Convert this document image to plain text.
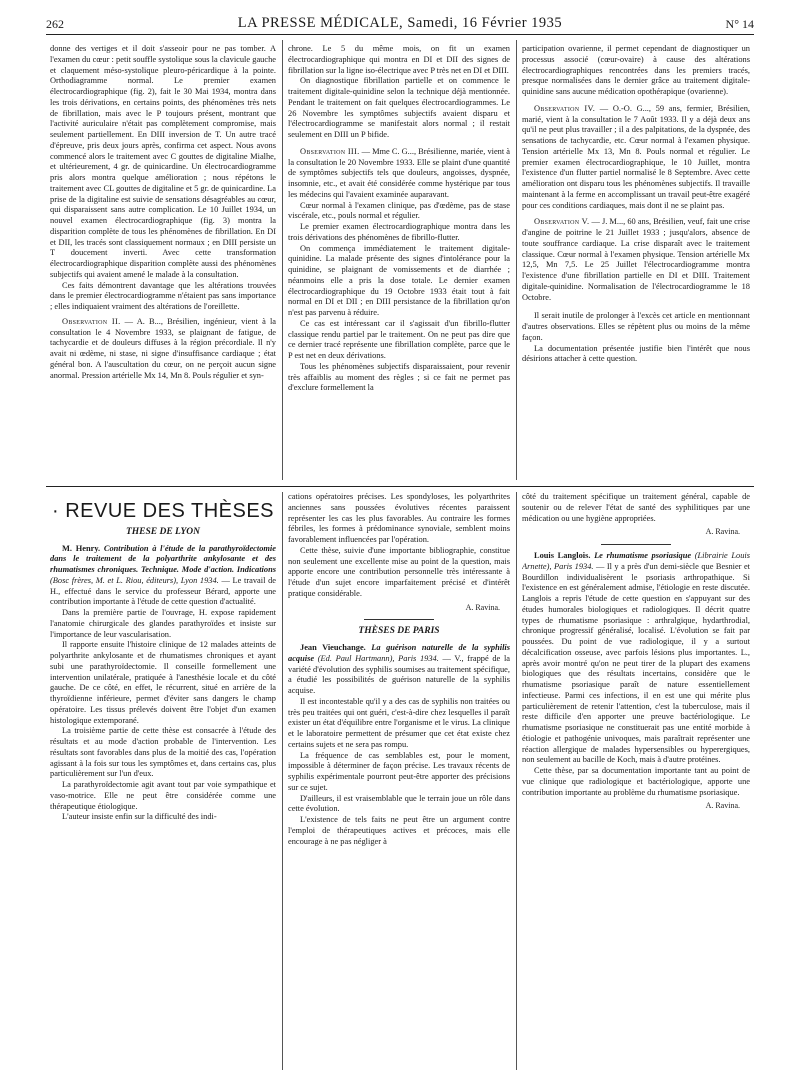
262	LA PRESSE MÉDICALE, Samedi, 16 Février 1935	N° 14

donne des vertiges et il doit s'asseoir pour ne pas tomber. A l'examen du cœur : petit souffle systolique sous la clavicule gauche et claquement méso-systolique pleuro-péricardique à la pointe. Orthodiagramme normal. Le premier examen électrocardiographique (fig. 2), fait le 30 Mai 1934, montra dans les trois dérivations, en certains points, des phénomènes très nets de fibrillation, mais avec le P toujours présent, montrant que l'activité auriculaire n'était pas complètement compromise, mais seulement partiellement. En DIII inversion de T. Un autre tracé d'épreuve, pris deux jours après, confirma cet aspect. Nous avons commencé alors le traitement avec C gouttes de digitaline Mialhe, et ultérieurement, 4 gr. de quinicardine. Un électrocardiogramme pris alors montra quelque amélioration ; nous répétons le traitement avec CL gouttes de digitaline et 5 gr. de quinicardine. La prise de la digitaline est suivie de sensations désagréables au cœur, qui disparaissent sans autre complication. Le 10 Juillet 1934, un nouvel examen électrocardiographique (fig. 3) montra la disparition complète de tous les phénomènes de fibrillation. En DI et DII, les tracés sont classiquement normaux ; en DIII persiste un T doucement inverti. Avec cette transformation électrocardiographique disparition complète aussi des phénomènes subjectifs qui avaient amené le malade à la consultation.

Ces faits démontrent davantage que les altérations trouvées dans le premier électrocardiogramme n'étaient pas sans importance ; elles indiquaient vraiment des altérations de l'oreillette.

Observation II. — A. B..., Brésilien, ingénieur, vient à la consultation le 4 Novembre 1933, se plaignant de fatigue, de tachycardie et de douleurs diffuses à la région précordiale. Il n'y avait ni œdème, ni stase, ni signe d'insuffisance cardiaque ; état général bon. A l'auscultation du cœur, on ne perçoit aucun signe anormal. Pression artérielle Mx 14, Mn 8. Pouls régulier et syn-

chrone. Le 5 du même mois, on fit un examen électrocardiographique qui montra en DI et DII des signes de fibrillation sur la ligne iso-électrique avec P très net en DI et DIII.

On diagnostique fibrillation partielle et on commence le traitement digitale-quinidine selon la technique déjà mentionnée. Pendant le traitement on fait quelques électrocardiogrammes. Le 26 Novembre les symptômes subjectifs avaient disparu et l'électrocardiogramme se manifestait alors normal ; il restait seulement en DIII un P bifide.

Observation III. — Mme C. G..., Brésilienne, mariée, vient à la consultation le 20 Novembre 1933. Elle se plaint d'une quantité de symptômes subjectifs tels que douleurs, angoisses, dyspnée, insomnie, etc., et avait été considérée comme hystérique par tous les médecins qui l'avaient examinée auparavant.

Cœur normal à l'examen clinique, pas d'œdème, pas de stase viscérale, etc., pouls normal et régulier.

Le premier examen électrocardiographique montra dans les trois dérivations des phénomènes de fibrillo-flutter.

On commença immédiatement le traitement digitale-quinidine. La malade présente des signes d'intolérance pour la quinidine, se plaignant de vomissements et de diarrhée ; néanmoins elle a pris la dose totale. Le dernier examen électrocardiographique du 19 Octobre 1933 était tout à fait normal en DI et DII ; en DIII persistance de la fibrillation qu'on n'est pas parvenu à réduire.

Ce cas est intéressant car il s'agissait d'un fibrillo-flutter classique rendu partiel par le traitement. On ne peut pas dire que ce dernier tracé représente une fibrillation complète, parce que le P est net en deux dérivations.

Tous les phénomènes subjectifs disparaissaient, pour revenir très affaiblis au moment des règles ; si ce fait ne permet pas d'exclure formellement la

participation ovarienne, il permet cependant de diagnostiquer un processus associé (cœur-ovaire) à cause des altérations électrocardiographiques rencontrées dans les premiers tracés, presque normalisées dans le dernier grâce au traitement digitale-quinidine sans aucune médication opothérapique (ovarienne).

Observation IV. — O.-O. G..., 59 ans, fermier, Brésilien, marié, vient à la consultation le 7 Août 1933. Il y a déjà deux ans qu'il ne peut plus travailler ; il a des palpitations, de la dyspnée, des sensations de tachycardie, etc. Cœur normal à l'examen physique. Tension artérielle Mx 13, Mn 8. Pouls normal et régulier. Le premier examen électrocardiographique, le 10 Juillet, montra l'existence d'un flutter partiel normalisé le 8 Septembre. Avec cette amélioration ont disparu tous les phénomènes subjectifs. Il travaille maintenant à la ferme en accomplissant un travail peut-être exagéré pour ces conditions cardiaques, mais dont il ne se plaint pas.

Observation V. — J. M..., 60 ans, Brésilien, veuf, fait une crise d'angine de poitrine le 21 Juillet 1933 ; jusqu'alors, absence de toute souffrance cardiaque. La crise disparaît avec le traitement classique. Cœur normal à l'examen physique. Tension artérielle Mx 12,5, Mn 7,5. Le 25 Juillet l'électrocardiogramme montra l'existence d'une fibrillation partielle en DI et DIII. Traitement digitale-quinidine. Normalisation de l'électrocardiogramme le 18 Octobre.

Il serait inutile de prolonger à l'excès cet article en mentionnant d'autres observations. Elles se répètent plus ou moins de la même façon.

La documentation présentée justifie bien l'intérêt que nous désirions attacher à cette question.

· REVUE DES THÈSES
THESE DE LYON

M. Henry. Contribution à l'étude de la parathyroïdectomie dans le traitement de la polyarthrite ankylosante et des rhumatismes chroniques. Technique. Mode d'action. Indications (Bosc frères, M. et L. Riou, éditeurs), Lyon 1934. — Le travail de H., effectué dans le service du professeur Bérard, apporte une contribution importante à l'étude de cette question d'actualité.

Dans la première partie de l'ouvrage, H. expose rapidement l'anatomie chirurgicale des glandes parathyroïdes et insiste sur l'importance de leur vascularisation.

Il rapporte ensuite l'histoire clinique de 12 malades atteints de polyarthrite ankylosante et de rhumatismes chroniques et ayant subi une parathyroïdectomie. Il conseille formellement une intervention unilatérale, pratiquée à l'anesthésie locale et du côté gauche. De ce côté, en effet, le récurrent, situé en arrière de la thyroïdienne inférieure, permet d'éviter sans dangers le champ opératoire. Les tissus prélevés doivent être l'objet d'un examen histologique extemporané.

La troisième partie de cette thèse est consacrée à l'étude des résultats et au mode d'action probable de l'intervention. Les résultats sont favorables dans plus de la moitié des cas, l'opération agissant à la fois sur tous les symptômes et, dans certains cas, plus particulièrement sur l'un d'eux.

La parathyroïdectomie agit avant tout par voie sympathique et vaso-motrice. Elle ne peut être considérée comme une thérapeutique étiologique.

L'auteur insiste enfin sur la difficulté des indi-

cations opératoires précises. Les spondyloses, les polyarthrites anciennes sans poussées évolutives récentes paraissent représenter les cas les plus favorables. Au contraire les formes fébriles, les formes à prédominance synoviale, semblent moins favorablement influencées par l'opération.

Cette thèse, suivie d'une importante bibliographie, constitue non seulement une excellente mise au point de la question, mais apporte encore une contribution personnelle très intéressante à l'étude d'un sujet encore imparfaitement précisé et d'intérêt pratique considérable.

A. Ravina.

THÈSES DE PARIS

Jean Vieuchange. La guérison naturelle de la syphilis acquise (Ed. Paul Hartmann), Paris 1934. — V., frappé de la variété d'évolution des syphilis soumises au traitement spécifique, a étudié les possibilités de guérison naturelle de la syphilis acquise.

Il est incontestable qu'il y a des cas de syphilis non traitées ou très peu traitées qui ont guéri, c'est-à-dire chez lesquelles il paraît exister un état d'équilibre entre l'organisme et le virus. La clinique et le laboratoire permettent de présumer que cet état existe chez certains sujets et ne sera pas rompu.

La fréquence de cas semblables est, pour le moment, impossible à déterminer de façon précise. Les travaux récents de syphilis expérimentale pourront peut-être apporter des précisions sur ce sujet.

D'ailleurs, il est vraisemblable que le terrain joue un rôle dans cette évolution.

L'existence de tels faits ne peut être un argument contre l'emploi de thérapeutiques actives et précoces, mais elle encourage à ne pas négliger à

côté du traitement spécifique un traitement général, capable de soutenir ou de relever l'état de santé des syphilitiques par une médication ou une hygiène appropriées.

A. Ravina.

Louis Langlois. Le rhumatisme psoriasique (Librairie Louis Arnette), Paris 1934. — Il y a près d'un demi-siècle que Besnier et Bourdillon individualisèrent le psoriasis arthropathique. Si l'existence en est généralement admise, l'étiologie en reste discutée. Langlois a repris l'étude de cette question en s'appuyant sur des études humorales biologiques et radiologiques. Il décrit quatre types de rhumatisme psoriasique : arthralgique, hydarthrodial, chronique progressif généralisé, localisé. L'évolution se fait par poussées. Du point de vue radiologique, il y a surtout décalcification osseuse, avec parfois lésions plus importantes. L., après avoir montré qu'on ne peut tirer de la plupart des examens biologiques que des résultats incertains, considère que le rhumatisme psoriasique paraît de nature essentiellement infectieuse. Parmi ces infections, il en est une qui mérite plus particulièrement de retenir l'attention, c'est la tuberculose, mais il reste difficile d'en apporter une preuve bactériologique. Le rhumatisme psoriasique ne constituerait pas une entité morbide à étiologie et pathogénie univoques, mais paraîtrait représenter une réaction allergique de malades hypersensibles ou hyperergiques, non seulement au bacille de Koch, mais à d'autre protéines.

Cette thèse, par sa documentation importante tant au point de vue clinique que radiologique et bactériologique, apporte une contribution importante au problème du rhumatisme psoriasique.

A. Ravina.
